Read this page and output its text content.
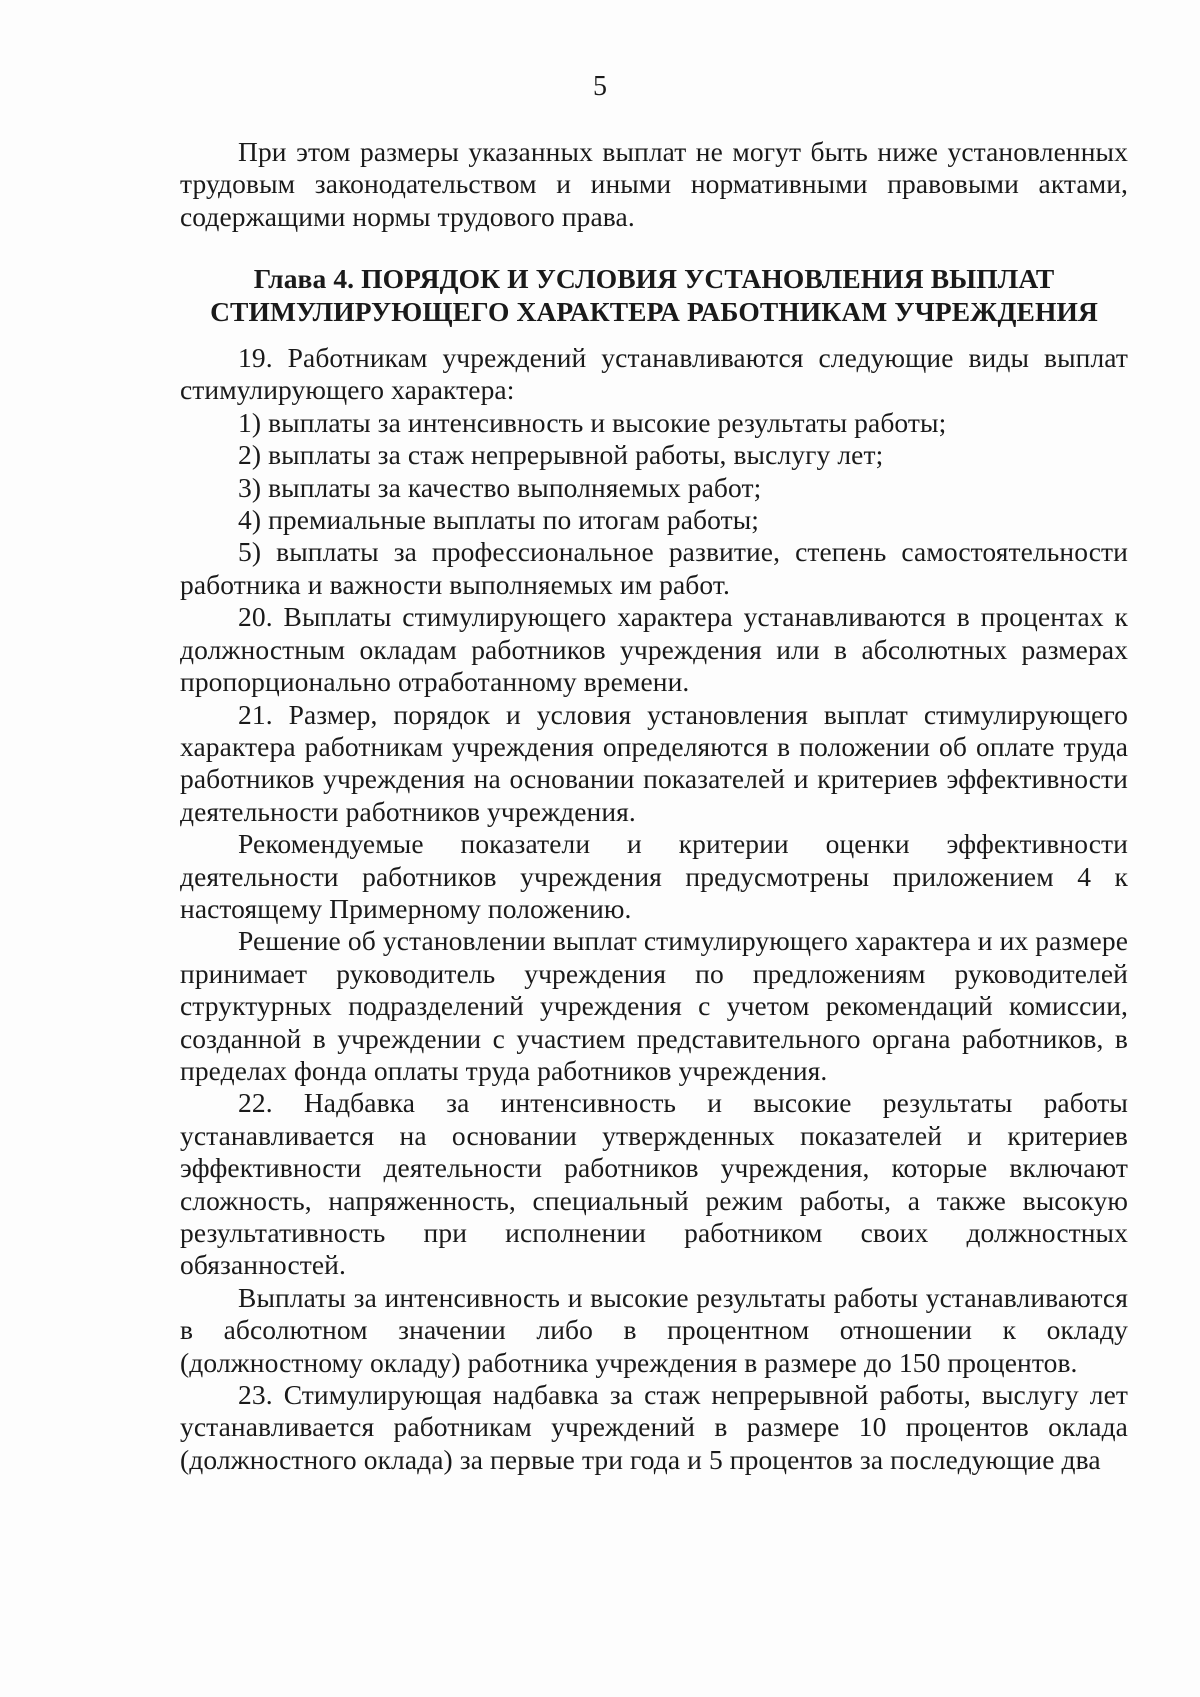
5

При этом размеры указанных выплат не могут быть ниже установленных трудовым законодательством и иными нормативными правовыми актами, содержащими нормы трудового права.

Глава 4. ПОРЯДОК И УСЛОВИЯ УСТАНОВЛЕНИЯ ВЫПЛАТ
СТИМУЛИРУЮЩЕГО ХАРАКТЕРА РАБОТНИКАМ УЧРЕЖДЕНИЯ

19. Работникам учреждений устанавливаются следующие виды выплат стимулирующего характера:

1) выплаты за интенсивность и высокие результаты работы;

2) выплаты за стаж непрерывной работы, выслугу лет;

3) выплаты за качество выполняемых работ;

4) премиальные выплаты по итогам работы;

5) выплаты за профессиональное развитие, степень самостоятельности работника и важности выполняемых им работ.

20. Выплаты стимулирующего характера устанавливаются в процентах к должностным окладам работников учреждения или в абсолютных размерах пропорционально отработанному времени.

21. Размер, порядок и условия установления выплат стимулирующего характера работникам учреждения определяются в положении об оплате труда работников учреждения на основании показателей и критериев эффективности деятельности работников учреждения.

Рекомендуемые показатели и критерии оценки эффективности деятельности работников учреждения предусмотрены приложением 4 к настоящему Примерному положению.

Решение об установлении выплат стимулирующего характера и их размере принимает руководитель учреждения по предложениям руководителей структурных подразделений учреждения с учетом рекомендаций комиссии, созданной в учреждении с участием представительного органа работников, в пределах фонда оплаты труда работников учреждения.

22. Надбавка за интенсивность и высокие результаты работы устанавливается на основании утвержденных показателей и критериев эффективности деятельности работников учреждения, которые включают сложность, напряженность, специальный режим работы, а также высокую результативность при исполнении работником своих должностных обязанностей.

Выплаты за интенсивность и высокие результаты работы устанавливаются в абсолютном значении либо в процентном отношении к окладу (должностному окладу) работника учреждения в размере до 150 процентов.

23. Стимулирующая надбавка за стаж непрерывной работы, выслугу лет устанавливается работникам учреждений в размере 10 процентов оклада (должностного оклада) за первые три года и 5 процентов за последующие два
